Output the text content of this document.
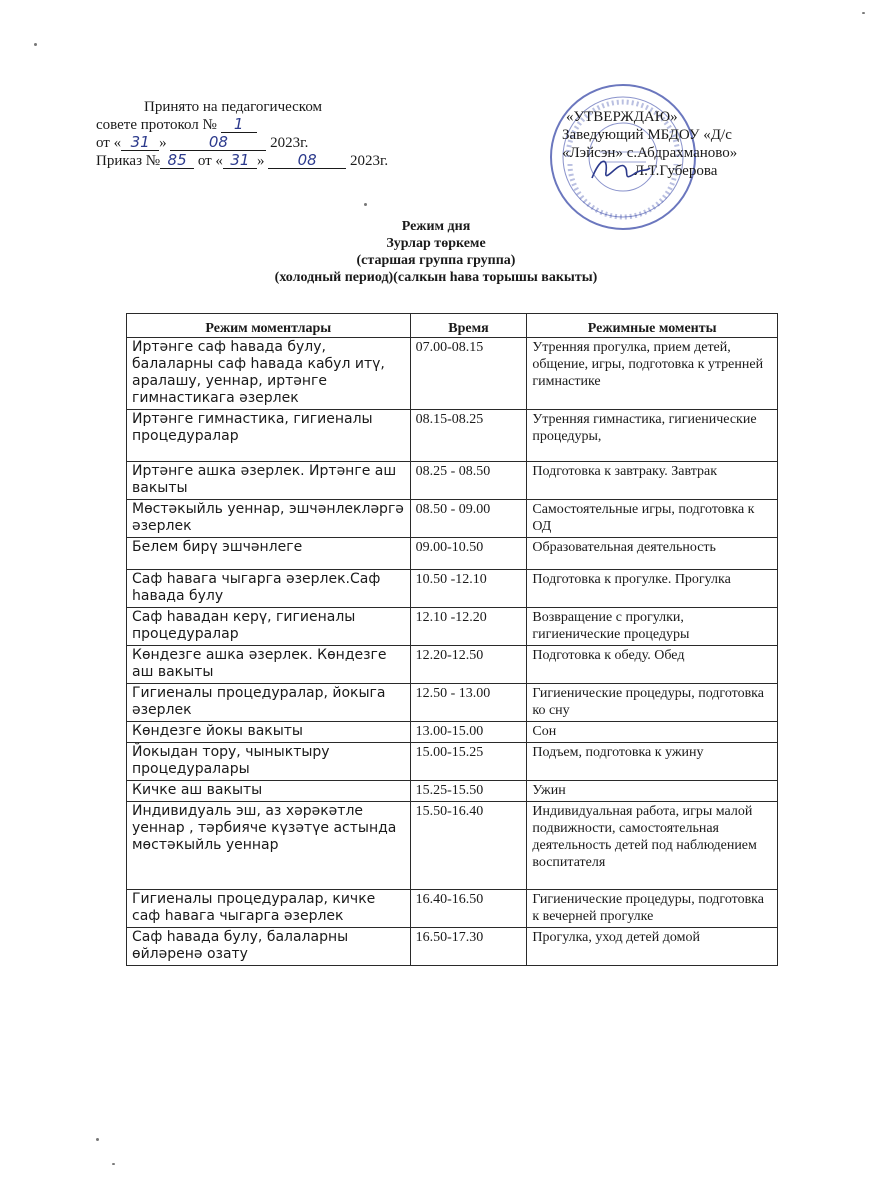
Принято на педагогическом
совете протокол № 1
от « 31 »	08	2023г.
Приказ № 85 от « 31 » 08 2023г.
«УТВЕРЖДАЮ»
Заведующий МБДОУ «Д/с
«Лэйсэн» с.Абдрахманово»
Л.Т.Губерова
Режим дня
Зурлар төркеме
(старшая группа группа)
(холодный период)(салкын һава торышы вакыты)
Режим моментлары	Время	Режимные моменты
Иртәнге саф һавада булу, балаларны саф һавада кабул итү, аралашу, уеннар, иртәнге гимнастикага әзерлек	07.00-08.15	Утренняя прогулка, прием детей, общение, игры, подготовка к утренней гимнастике
Иртәнге гимнастика, гигиеналы процедуралар	08.15-08.25	Утренняя гимнастика, гигиенические процедуры,
Иртәнге ашка әзерлек. Иртәнге аш вакыты	08.25 - 08.50	Подготовка к завтраку. Завтрак
Мөстәкыйль уеннар, эшчәнлекләргә әзерлек	08.50 - 09.00	Самостоятельные игры, подготовка к ОД
Белем бирү эшчәнлеге	09.00-10.50	Образовательная деятельность
Саф һавага чыгарга әзерлек.Саф һавада булу	10.50 -12.10	Подготовка к прогулке. Прогулка
Саф һавадан керү, гигиеналы процедуралар	12.10 -12.20	Возвращение с прогулки, гигиенические процедуры
Көндезге ашка әзерлек. Көндезге аш вакыты	12.20-12.50	Подготовка к обеду. Обед
Гигиеналы процедуралар, йокыга әзерлек	12.50 - 13.00	Гигиенические процедуры, подготовка ко сну
Көндезге йокы вакыты	13.00-15.00	Сон
Йокыдан тору, чыныктыру процедуралары	15.00-15.25	Подъем, подготовка к ужину
Кичке аш вакыты	15.25-15.50	Ужин
Индивидуаль эш, аз хәрәкәтле уеннар , тәрбияче күзәтүе астында мөстәкыйль уеннар	15.50-16.40	Индивидуальная работа, игры малой подвижности, самостоятельная деятельность детей под наблюдением воспитателя
Гигиеналы процедуралар, кичке саф һавага чыгарга әзерлек	16.40-16.50	Гигиенические процедуры, подготовка к вечерней прогулке
Саф һавада булу, балаларны өйләренә озату	16.50-17.30	Прогулка, уход детей домой
